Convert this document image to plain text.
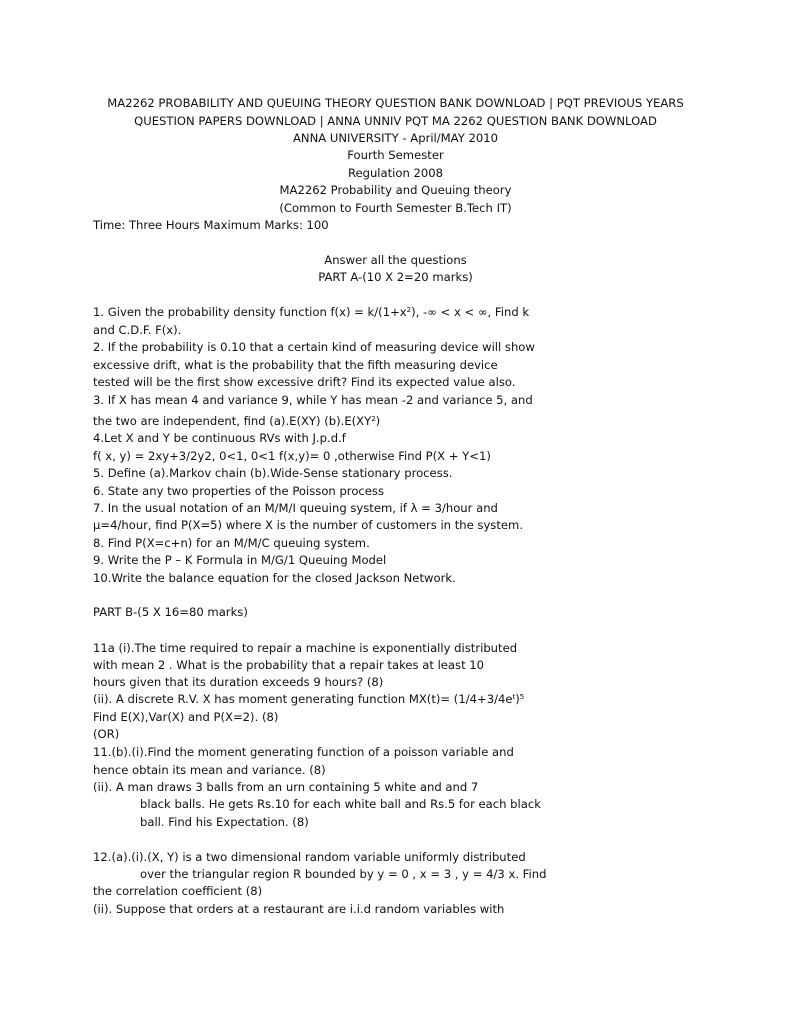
MA2262 PROBABILITY AND QUEUING THEORY QUESTION BANK DOWNLOAD | PQT PREVIOUS YEARS
QUESTION PAPERS DOWNLOAD | ANNA UNNIV PQT MA 2262 QUESTION BANK DOWNLOAD
ANNA UNIVERSITY - April/MAY 2010
Fourth Semester
Regulation 2008
MA2262 Probability and Queuing theory
(Common to Fourth Semester B.Tech IT)
Time: Three Hours Maximum Marks: 100
Answer all the questions
PART A-(10 X 2=20 marks)
1. Given the probability density function $f(x) = k/(1+x^2)$, -∞ < x < ∞, Find k
and C.D.F. F(x).
2. If the probability is 0.10 that a certain kind of measuring device will show
excessive drift, what is the probability that the fifth measuring device
tested will be the first show excessive drift? Find its expected value also.
3. If X has mean 4 and variance 9, while Y has mean -2 and variance 5, and
the two are independent, find (a).E(XY) $(b).E(XY^2)$
4.Let X and Y be continuous RVs with J.p.d.f
f( x, y) = 2xy+3/2y2, 0<1, 0<1 f(x,y)= 0 ,otherwise Find P(X + Y<1)
5. Define (a).Markov chain (b).Wide-Sense stationary process.
6. State any two properties of the Poisson process
7. In the usual notation of an M/M/I queuing system, if λ = 3/hour and
μ=4/hour, find P(X=5) where X is the number of customers in the system.
8. Find P(X=c+n) for an M/M/C queuing system.
9. Write the P – K Formula in M/G/1 Queuing Model
10.Write the balance equation for the closed Jackson Network.
PART B-(5 X 16=80 marks)
11a (i).The time required to repair a machine is exponentially distributed
with mean 2 . What is the probability that a repair takes at least 10
hours given that its duration exceeds 9 hours? (8)
(ii). A discrete R.V. X has moment generating function $MX(t)= (1/4+3/4e^t)^5$
Find E(X),Var(X) and P(X=2). (8)
(OR)
11.(b).(i).Find the moment generating function of a poisson variable and
hence obtain its mean and variance. (8)
(ii). A man draws 3 balls from an urn containing 5 white and and 7
black balls. He gets Rs.10 for each white ball and Rs.5 for each black
ball. Find his Expectation. (8)
12.(a).(i).(X, Y) is a two dimensional random variable uniformly distributed
over the triangular region R bounded by y = 0 , x = 3 , y = 4/3 x. Find
the correlation coefficient (8)
(ii). Suppose that orders at a restaurant are i.i.d random variables with
